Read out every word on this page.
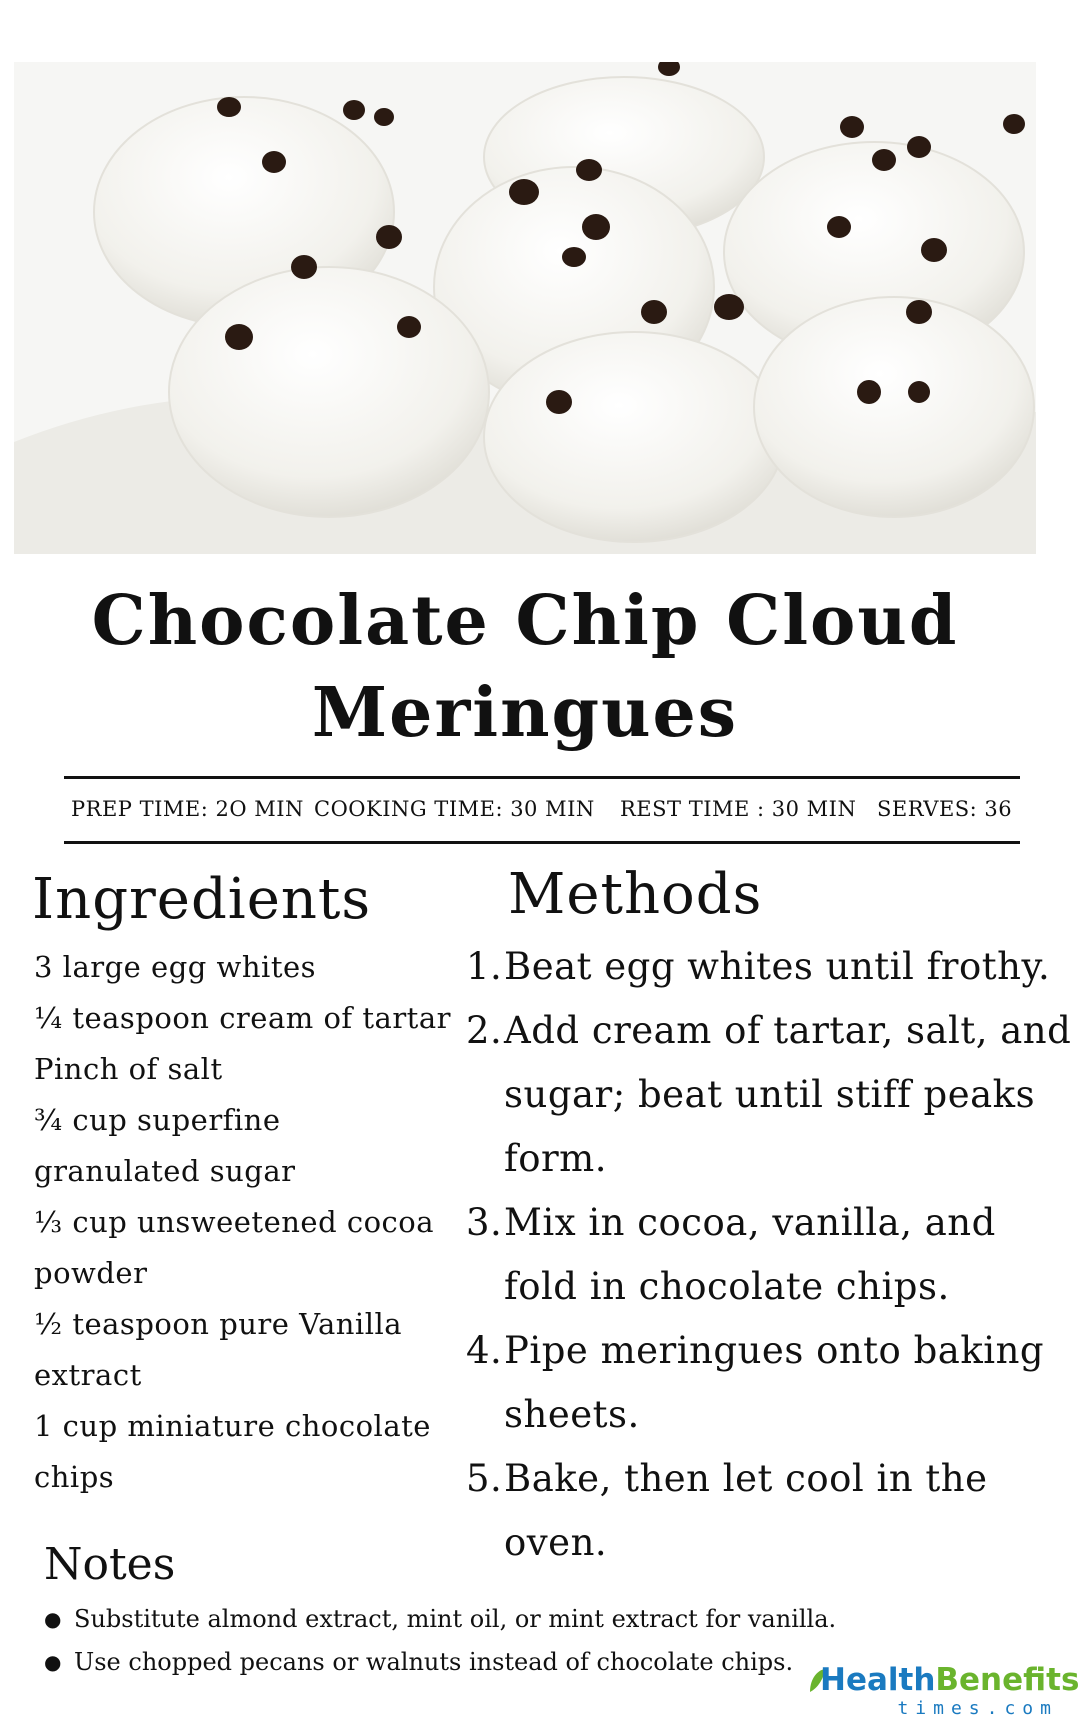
Chocolate Chip Cloud Meringues
PREP TIME: 2O MIN COOKING TIME: 30 MIN REST TIME : 30 MIN SERVES: 36
Ingredients
3 large egg whites
¼ teaspoon cream of tartar
Pinch of salt
¾ cup superfine
granulated sugar
⅓ cup unsweetened cocoa
powder
½ teaspoon pure Vanilla
extract
1 cup miniature chocolate
chips
Methods
1. Beat egg whites until frothy.
2. Add cream of tartar, salt, and sugar; beat until stiff peaks form.
3. Mix in cocoa, vanilla, and fold in chocolate chips.
4. Pipe meringues onto baking sheets.
5. Bake, then let cool in the oven.
Notes
● Substitute almond extract, mint oil, or mint extract for vanilla.
● Use chopped pecans or walnuts instead of chocolate chips. HealthBenefits
times.com
